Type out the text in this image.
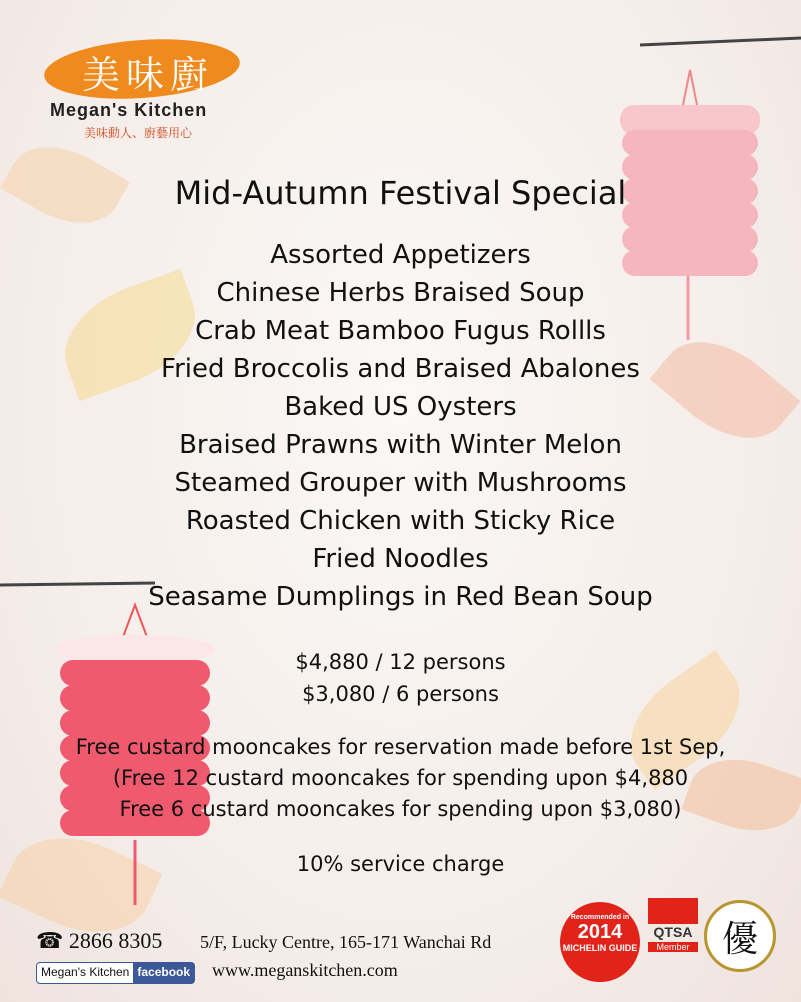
美味廚
Megan's Kitchen
美味動人、廚藝用心
Mid-Autumn Festival Special
Assorted Appetizers
Chinese Herbs Braised Soup
Crab Meat Bamboo Fugus Rollls
Fried Broccolis and Braised Abalones
Baked US Oysters
Braised Prawns with Winter Melon
Steamed Grouper with Mushrooms
Roasted Chicken with Sticky Rice
Fried Noodles
Seasame Dumplings in Red Bean Soup
$4,880 / 12 persons
$3,080 / 6 persons
Free custard mooncakes for reservation made before 1st Sep,
(Free 12 custard mooncakes for spending upon $4,880
Free 6 custard mooncakes for spending upon $3,080)
10% service charge
☎ 2866 8305 5/F, Lucky Centre, 165-171 Wanchai Rd
Megan's Kitchen facebook www.meganskitchen.com
Recommended in
2014
MICHELIN GUIDE
QTSA
Member 優
